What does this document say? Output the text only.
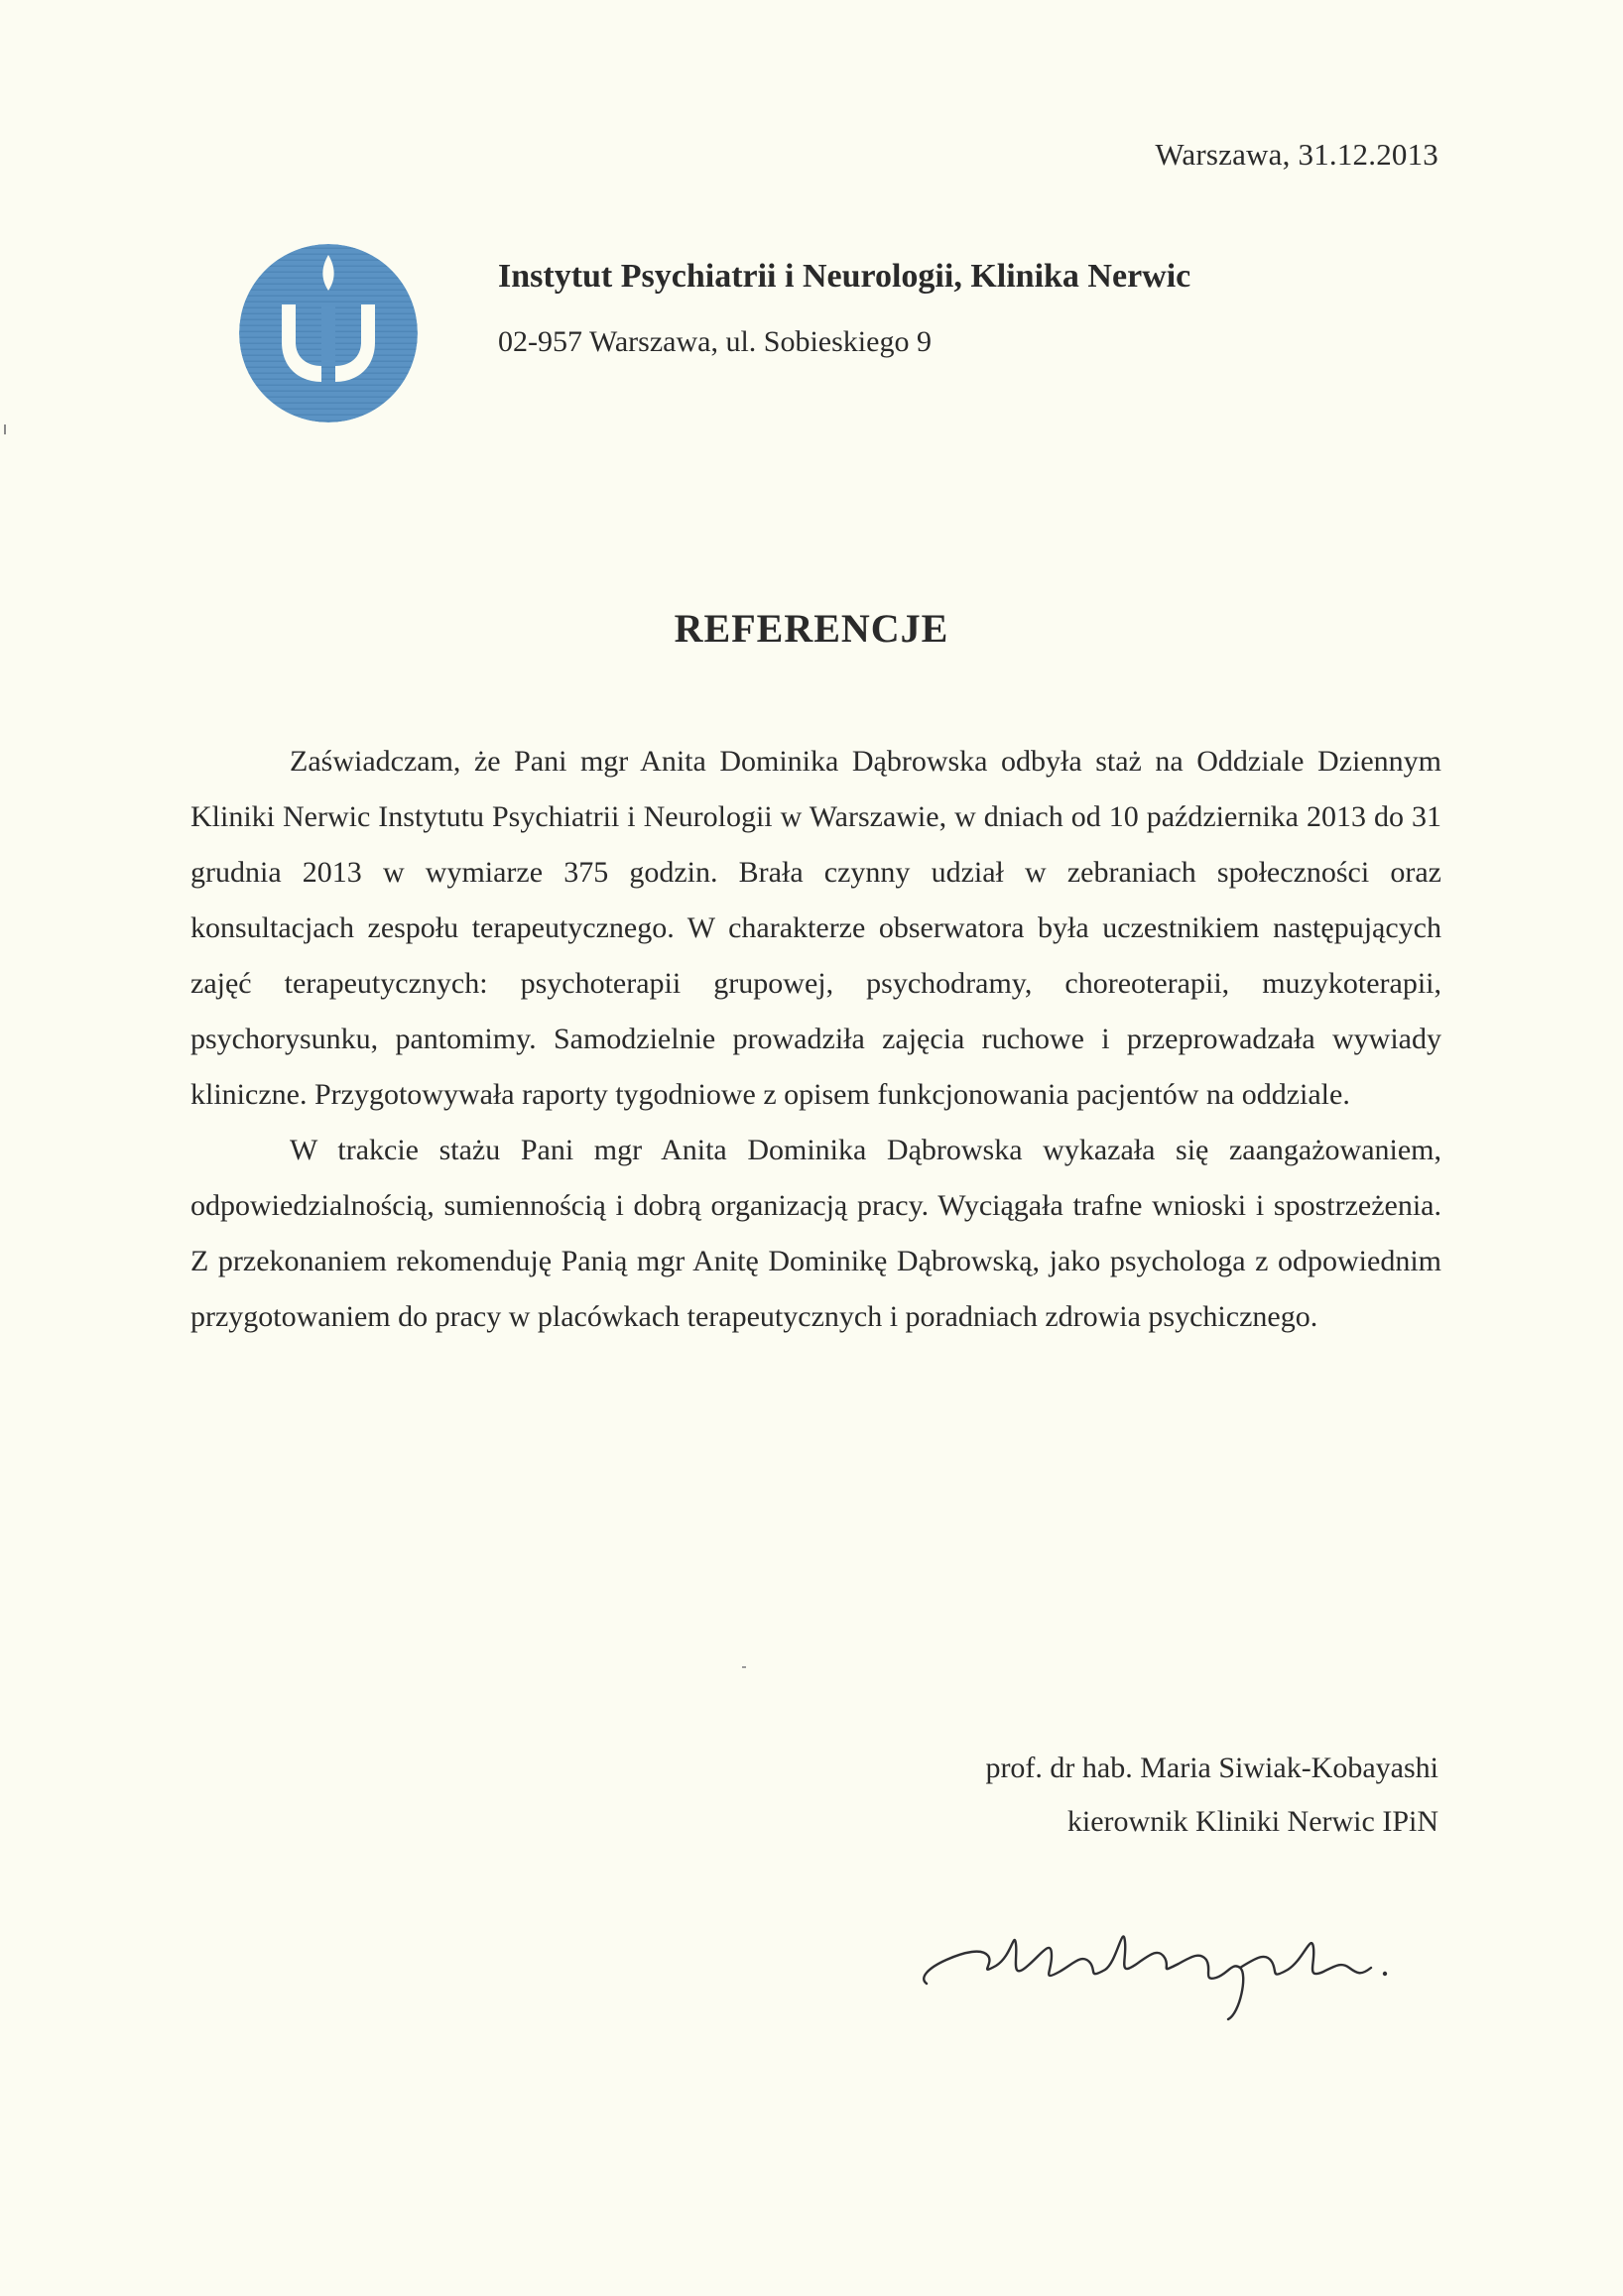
Warszawa, 31.12.2013
Instytut Psychiatrii i Neurologii, Klinika Nerwic
02-957 Warszawa, ul. Sobieskiego 9
REFERENCJE

Zaświadczam, że Pani mgr Anita Dominika Dąbrowska odbyła staż na Oddziale Dziennym Kliniki Nerwic Instytutu Psychiatrii i Neurologii w Warszawie, w dniach od 10 października 2013 do 31 grudnia 2013 w wymiarze 375 godzin. Brała czynny udział w zebraniach społeczności oraz konsultacjach zespołu terapeutycznego. W charakterze obserwatora była uczestnikiem następujących zajęć terapeutycznych: psychoterapii grupowej, psychodramy, choreoterapii, muzykoterapii, psychorysunku, pantomimy. Samodzielnie prowadziła zajęcia ruchowe i przeprowadzała wywiady kliniczne. Przygotowywała raporty tygodniowe z opisem funkcjonowania pacjentów na oddziale.

W trakcie stażu Pani mgr Anita Dominika Dąbrowska wykazała się zaangażowaniem, odpowiedzialnością, sumiennością i dobrą organizacją pracy. Wyciągała trafne wnioski i spostrzeżenia. Z przekonaniem rekomenduję Panią mgr Anitę Dominikę Dąbrowską, jako psychologa z odpowiednim przygotowaniem do pracy w placówkach terapeutycznych i poradniach zdrowia psychicznego.

prof. dr hab. Maria Siwiak-Kobayashi
kierownik Kliniki Nerwic IPiN
